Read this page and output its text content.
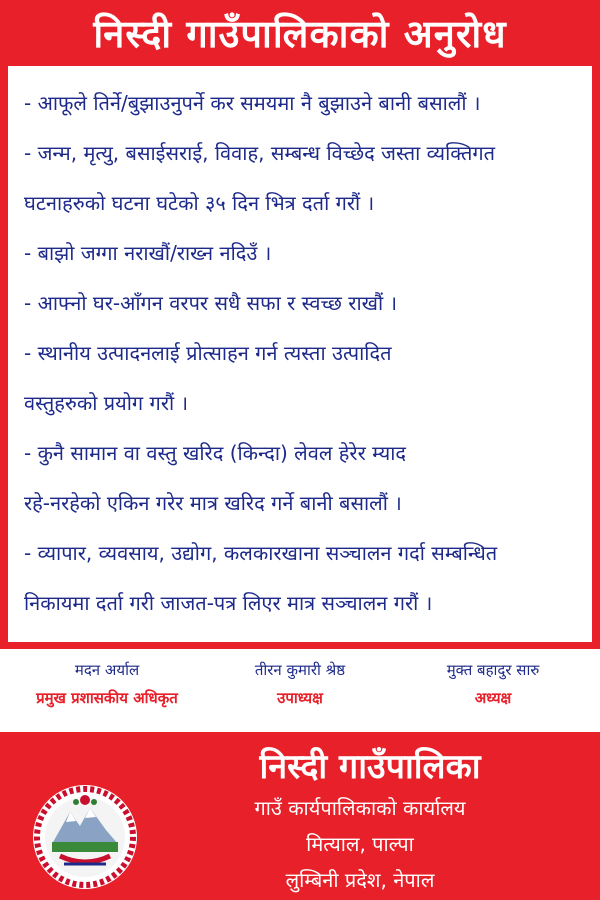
निस्दी गाउँपालिकाको अनुरोध
- आफूले तिर्ने/बुझाउनुपर्ने कर समयमा नै बुझाउने बानी बसालौं ।
- जन्म, मृत्यु, बसाईसराई, विवाह, सम्बन्ध विच्छेद जस्ता व्यक्तिगत
घटनाहरुको घटना घटेको ३५ दिन भित्र दर्ता गरौं ।
- बाझो जग्गा नराखौं/राख्न नदिउँ ।
- आफ्नो घर-आँगन वरपर सधै सफा र स्वच्छ राखौं ।
- स्थानीय उत्पादनलाई प्रोत्साहन गर्न त्यस्ता उत्पादित
वस्तुहरुको प्रयोग गरौं ।
- कुनै सामान वा वस्तु खरिद (किन्दा) लेवल हेरेर म्याद
रहे-नरहेको एकिन गरेर मात्र खरिद गर्ने बानी बसालौं ।
- व्यापार, व्यवसाय, उद्योग, कलकारखाना सञ्चालन गर्दा सम्बन्धित
निकायमा दर्ता गरी जाजत-पत्र लिएर मात्र सञ्चालन गरौं ।
मदन अर्याल
प्रमुख प्रशासकीय अधिकृत
तीरन कुमारी श्रेष्ठ
उपाध्यक्ष
मुक्त बहादुर सारु
अध्यक्ष
निस्दी गाउँपालिका
गाउँ कार्यपालिकाको कार्यालय
मित्याल, पाल्पा
लुम्बिनी प्रदेश, नेपाल
